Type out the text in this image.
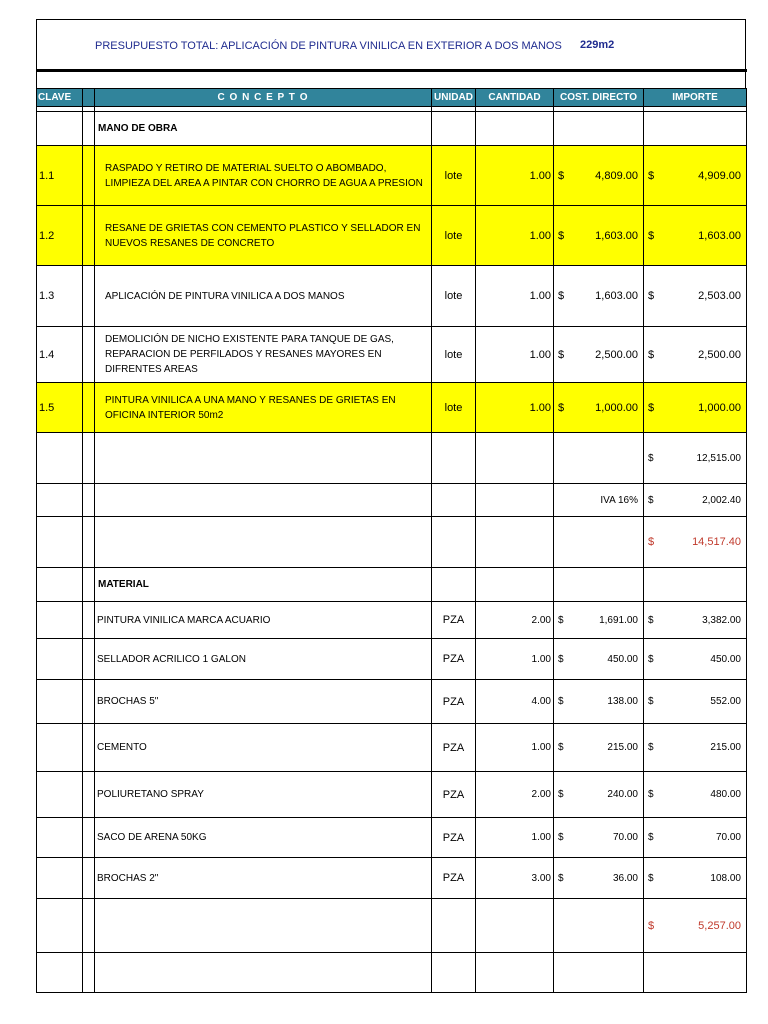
PRESUPUESTO TOTAL: APLICACIÓN DE PINTURA VINILICA EN EXTERIOR A DOS MANOS 229m2
CLAVE		C O N C E P T O	UNIDAD	CANTIDAD	COST. DIRECTO	IMPORTE

		MANO DE OBRA				
1.1		RASPADO Y RETIRO DE MATERIAL SUELTO O ABOMBADO, LIMPIEZA DEL AREA A PINTAR CON CHORRO DE AGUA A PRESION	lote	1.00	$ 4,809.00	$ 4,909.00

1.2		RESANE DE GRIETAS CON CEMENTO PLASTICO Y SELLADOR EN NUEVOS RESANES DE CONCRETO	lote	1.00	$ 1,603.00	$ 1,603.00

1.3		APLICACIÓN DE PINTURA VINILICA A DOS MANOS	lote	1.00	$ 1,603.00	$ 2,503.00

1.4		DEMOLICIÓN DE NICHO EXISTENTE PARA TANQUE DE GAS, REPARACION DE PERFILADOS Y RESANES MAYORES EN DIFRENTES AREAS	lote	1.00	$ 2,500.00	$ 2,500.00

1.5		PINTURA VINILICA A UNA MANO Y RESANES DE GRIETAS EN OFICINA INTERIOR 50m2	lote	1.00	$ 1,000.00	$ 1,000.00

						$ 12,515.00

					IVA 16%	$ 2,002.40

						$ 14,517.40

		MATERIAL				
		PINTURA VINILICA MARCA ACUARIO	PZA	2.00	$ 1,691.00	$ 3,382.00

		SELLADOR ACRILICO 1 GALON	PZA	1.00	$ 450.00	$ 450.00

		BROCHAS 5"	PZA	4.00	$ 138.00	$ 552.00

		CEMENTO	PZA	1.00	$ 215.00	$ 215.00

		POLIURETANO SPRAY	PZA	2.00	$ 240.00	$ 480.00

		SACO DE ARENA 50KG	PZA	1.00	$ 70.00	$ 70.00

		BROCHAS 2"	PZA	3.00	$ 36.00	$ 108.00

						$ 5,257.00
